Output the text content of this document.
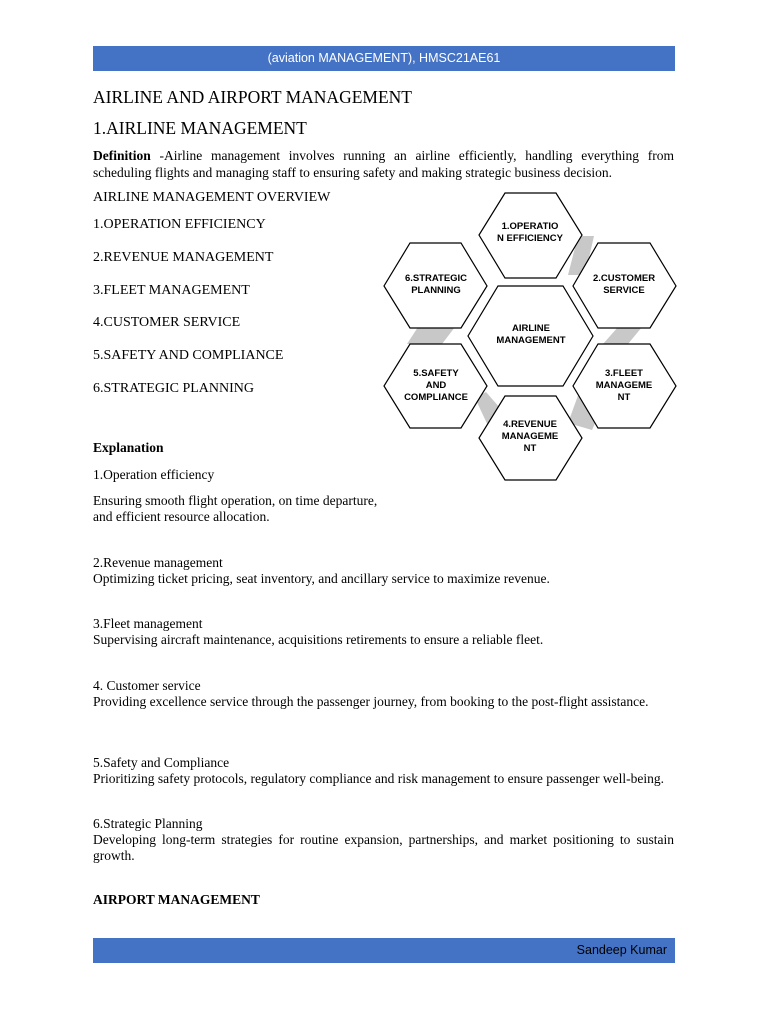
(aviation MANAGEMENT), HMSC21AE61

AIRLINE AND AIRPORT MANAGEMENT

1.AIRLINE MANAGEMENT

Definition -Airline management involves running an airline efficiently, handling everything from scheduling flights and managing staff to ensuring safety and making strategic business decision.

AIRLINE MANAGEMENT OVERVIEW

1.OPERATION EFFICIENCY

2.REVENUE MANAGEMENT

3.FLEET MANAGEMENT

4.CUSTOMER SERVICE

5.SAFETY AND COMPLIANCE

6.STRATEGIC PLANNING

1.OPERATIO
N EFFICIENCY
2.CUSTOMER
SERVICE
3.FLEET
MANAGEME
NT
4.REVENUE
MANAGEME
NT
5.SAFETY
AND
COMPLIANCE
6.STRATEGIC
PLANNING
AIRLINE
MANAGEMENT

Explanation

1.Operation efficiency

Ensuring smooth flight operation, on time departure,

and efficient resource allocation.

2.Revenue management

Optimizing ticket pricing, seat inventory, and ancillary service to maximize revenue.

3.Fleet management

Supervising aircraft maintenance, acquisitions retirements to ensure a reliable fleet.

4. Customer service

Providing excellence service through the passenger journey, from booking to the post-flight assistance.

5.Safety and Compliance

Prioritizing safety protocols, regulatory compliance and risk management to ensure passenger well-being.

6.Strategic Planning

Developing long-term strategies for routine expansion, partnerships, and market positioning to sustain growth.

AIRPORT MANAGEMENT

Sandeep Kumar
